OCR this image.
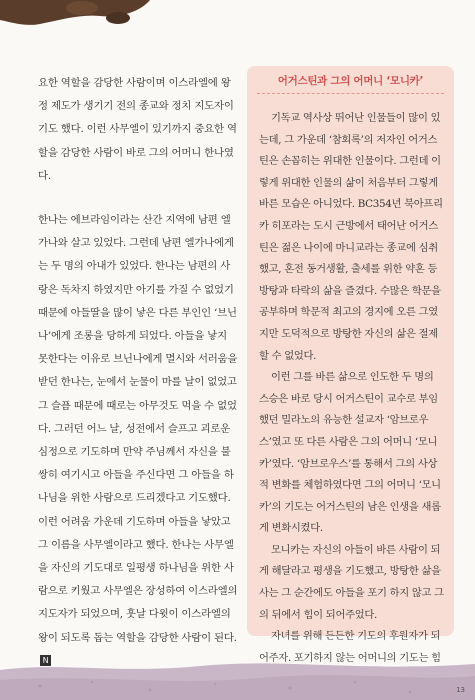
요한 역할을 감당한 사람이며 이스라엘에 왕정 제도가 생기기 전의 종교와 정치 지도자이기도 했다. 이런 사무엘이 있기까지 중요한 역할을 감당한 사람이 바로 그의 어머니 한나였다.

한나는 에브라임이라는 산간 지역에 남편 엘가나와 살고 있었다. 그런데 남편 엘가나에게는 두 명의 아내가 있었다. 한나는 남편의 사랑은 독차지 하였지만 아기를 가질 수 없었기 때문에 아들딸을 많이 낳은 다른 부인인 ‘브닌나’에게 조롱을 당하게 되었다. 아들을 낳지 못한다는 이유로 브닌나에게 멸시와 서러움을 받던 한나는, 눈에서 눈물이 마를 날이 없었고 그 슬픔 때문에 때로는 아무것도 먹을 수 없었다. 그러던 어느 날, 성전에서 슬프고 괴로운 심정으로 기도하며 만약 주님께서 자신을 불쌍히 여기시고 아들을 주신다면 그 아들을 하나님을 위한 사람으로 드리겠다고 기도했다. 이런 어려움 가운데 기도하며 아들을 낳았고 그 이름을 사무엘이라고 했다. 한나는 사무엘을 자신의 기도대로 일평생 하나님을 위한 사람으로 키웠고 사무엘은 장성하여 이스라엘의 지도자가 되었으며, 훗날 다윗이 이스라엘의 왕이 되도록 돕는 역할을 감당한 사람이 된다.N

어거스틴과 그의 어머니 ‘모니카’

기독교 역사상 뛰어난 인물들이 많이 있는데, 그 가운데 ‘참회록’의 저자인 어거스틴은 손꼽히는 위대한 인물이다. 그런데 이렇게 위대한 인물의 삶이 처음부터 그렇게 바른 모습은 아니었다. BC354년 북아프리카 히포라는 도시 근방에서 태어난 어거스틴은 젊은 나이에 마니교라는 종교에 심취했고, 혼전 동거생활, 출세를 위한 약혼 등 방탕과 타락의 삶을 즐겼다. 수많은 학문을 공부하며 학문적 최고의 경지에 오른 그였지만 도덕적으로 방탕한 자신의 삶은 절제할 수 없었다.

이런 그를 바른 삶으로 인도한 두 명의 스승은 바로 당시 어거스틴이 교수로 부임했던 밀라노의 유능한 설교자 ‘암브로우스’였고 또 다른 사람은 그의 어머니 ‘모니카’였다. ‘암브로우스’를 통해서 그의 사상적 변화를 체험하였다면 그의 어머니 ‘모니카’의 기도는 어거스틴의 남은 인생을 새롭게 변화시켰다.

모니카는 자신의 아들이 바른 사람이 되게 해달라고 평생을 기도했고, 방탕한 삶을 사는 그 순간에도 아들을 포기 하지 않고 그의 뒤에서 힘이 되어주었다.

자녀를 위해 든든한 기도의 후원자가 되어주자. 포기하지 않는 어머니의 기도는 힘

13
